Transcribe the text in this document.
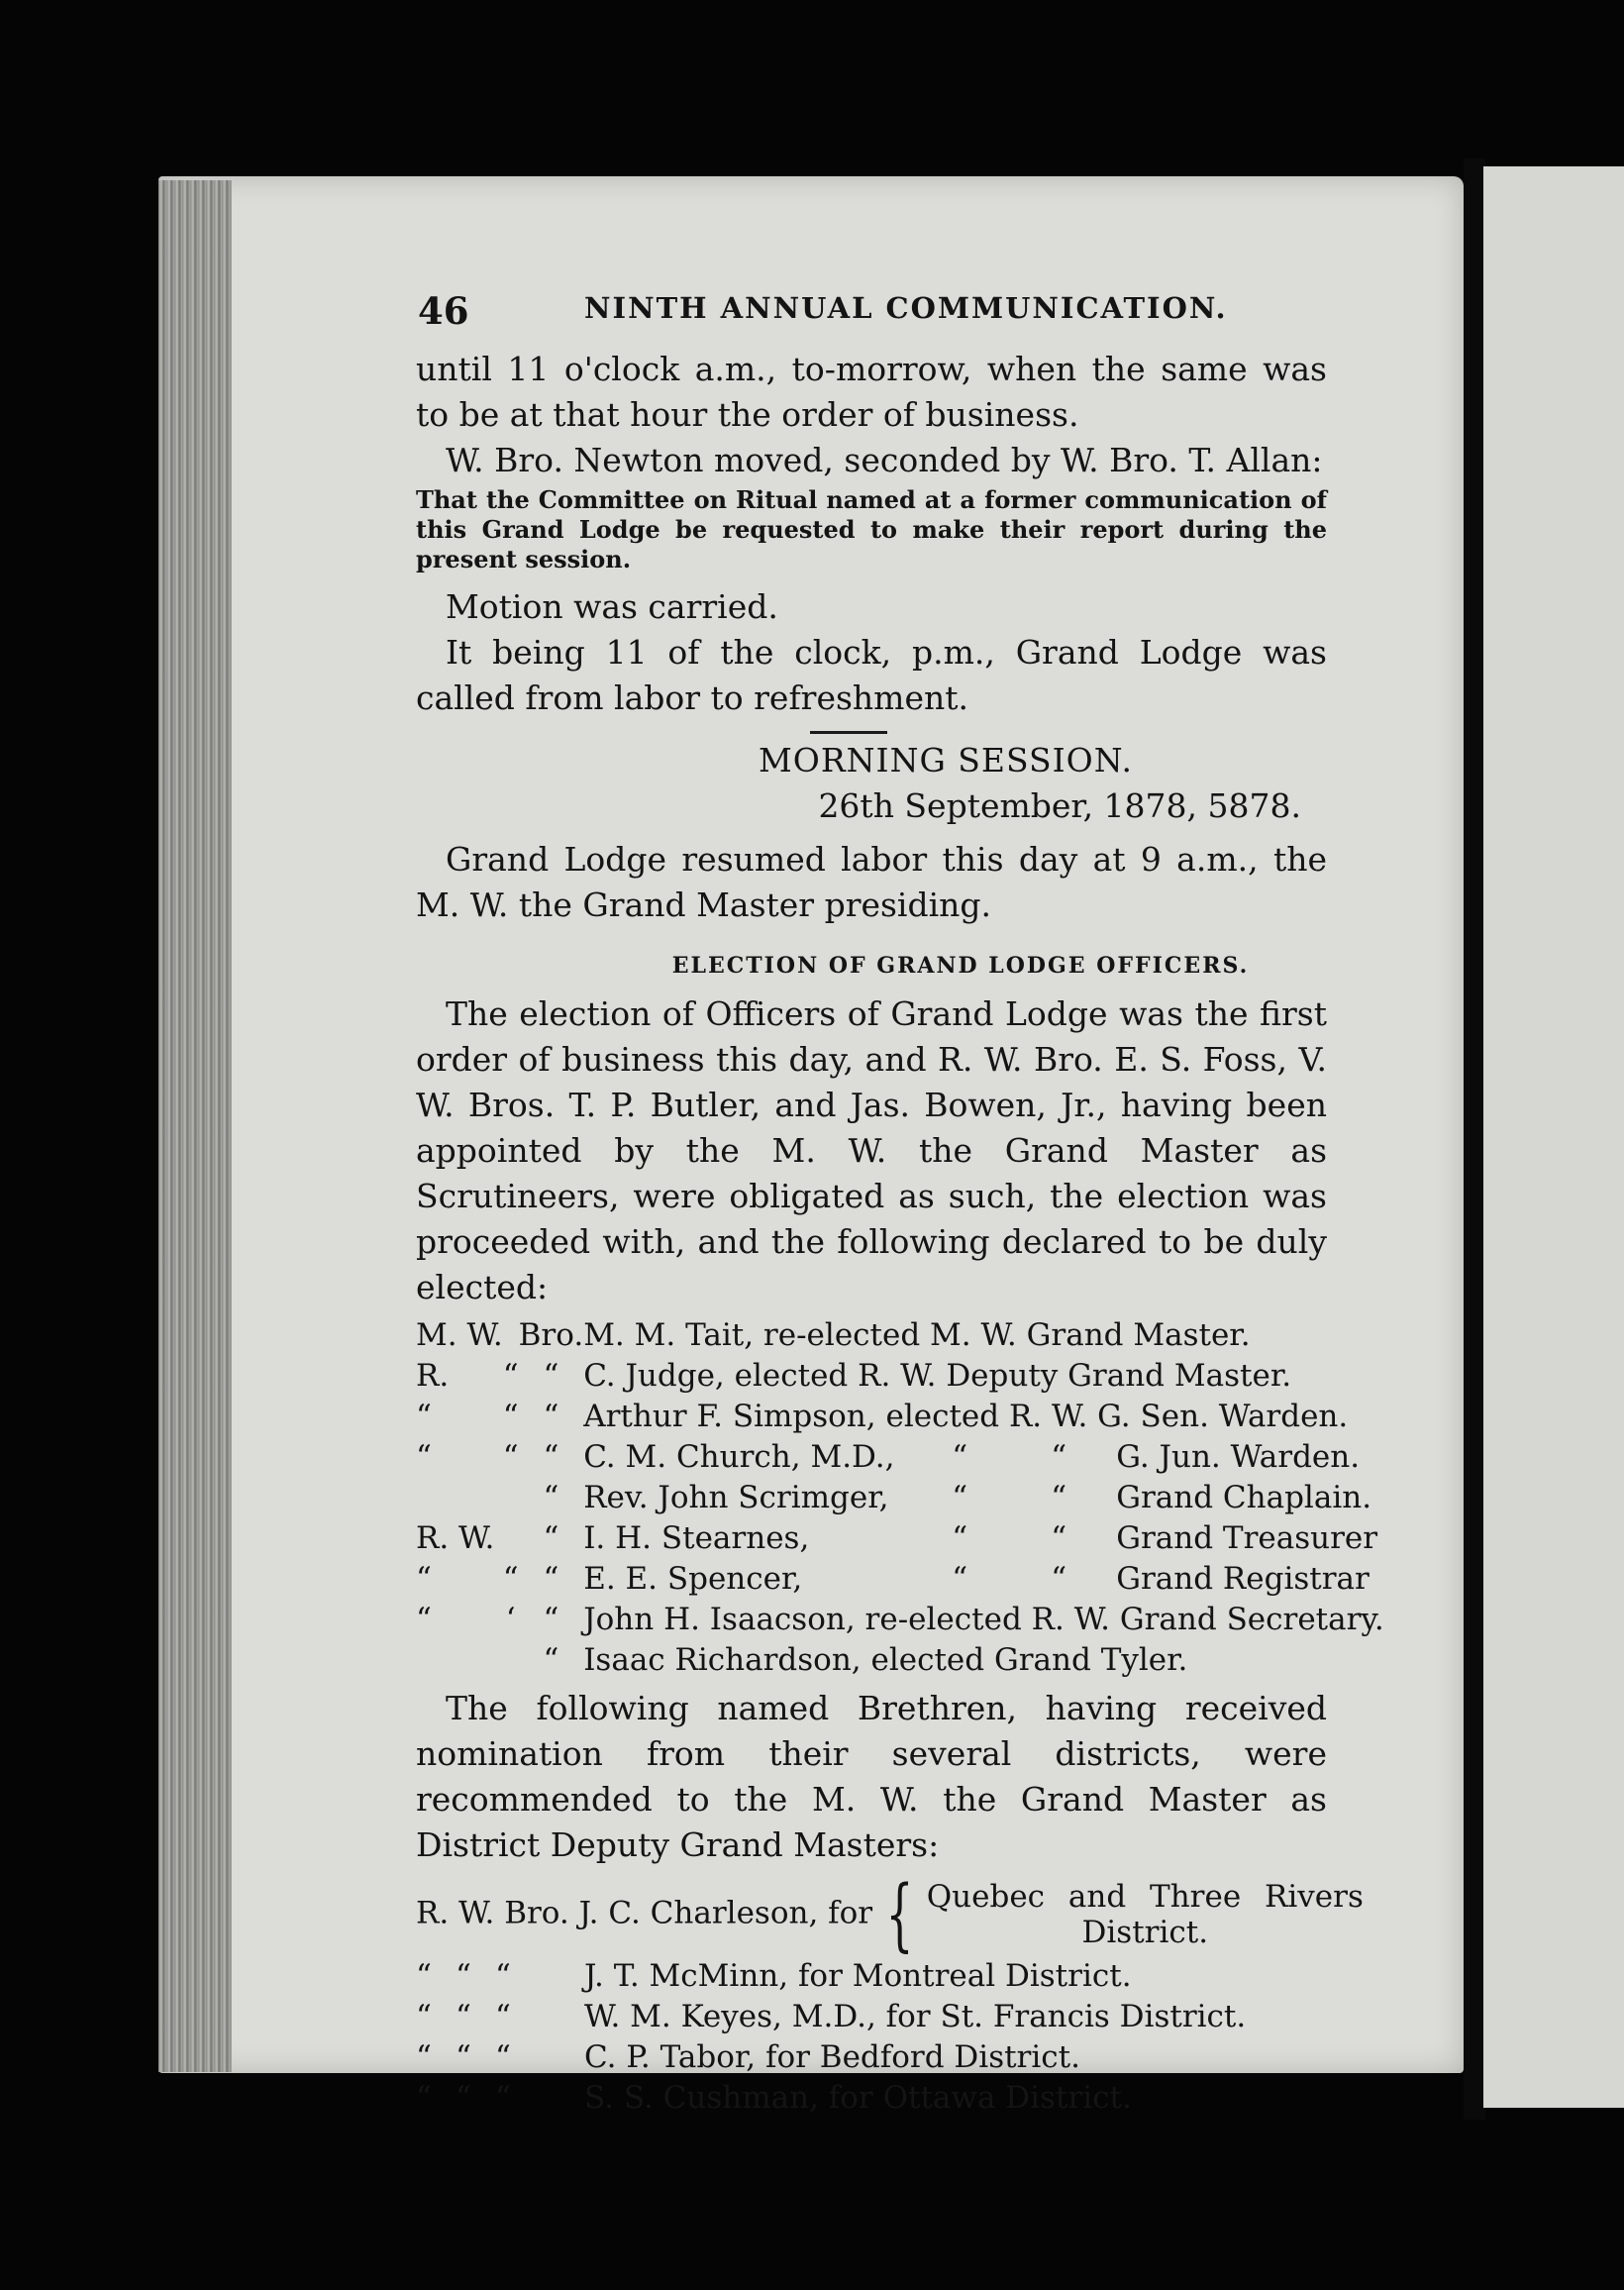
46	NINTH ANNUAL COMMUNICATION.

until 11 o'clock a.m., to-morrow, when the same was to be at that hour the order of business.

W. Bro. Newton moved, seconded by W. Bro. T. Allan:

That the Committee on Ritual named at a former communication of this Grand Lodge be requested to make their report during the present session.

Motion was carried.

It being 11 of the clock, p.m., Grand Lodge was called from labor to refreshment.

MORNING SESSION.

26th September, 1878, 5878.

Grand Lodge resumed labor this day at 9 a.m., the M. W. the Grand Master presiding.

ELECTION OF GRAND LODGE OFFICERS.

The election of Officers of Grand Lodge was the first order of business this day, and R. W. Bro. E. S. Foss, V. W. Bros. T. P. Butler, and Jas. Bowen, Jr., having been appointed by the M. W. the Grand Master as Scrutineers, were obligated as such, the election was proceeded with, and the following declared to be duly elected:

M. W.		Bro.	M. M. Tait, re-elected M. W. Grand Master.
R.	“	“	C. Judge, elected R. W. Deputy Grand Master.
“	“	“	Arthur F. Simpson, elected R. W. G. Sen. Warden.
“	“	“	C. M. Church, M.D., “ “ G. Jun. Warden.
		“	Rev. John Scrimger, “ “ Grand Chaplain.
R. W.		“	I. H. Stearnes, “ “ Grand Treasurer
“	“	“	E. E. Spencer, “ “ Grand Registrar
“	‘	“	John H. Isaacson, re-elected R. W. Grand Secretary.
		“	Isaac Richardson, elected Grand Tyler.

The following named Brethren, having received nomination from their several districts, were recommended to the M. W. the Grand Master as District Deputy Grand Masters:

R. W. Bro. J. C. Charleson, for { Quebec and Three Rivers
District.			
“	“	“	J. T. McMinn, for Montreal District.
“	“	“	W. M. Keyes, M.D., for St. Francis District.
“	“	“	C. P. Tabor, for Bedford District.
“	“	“	S. S. Cushman, for Ottawa District.
